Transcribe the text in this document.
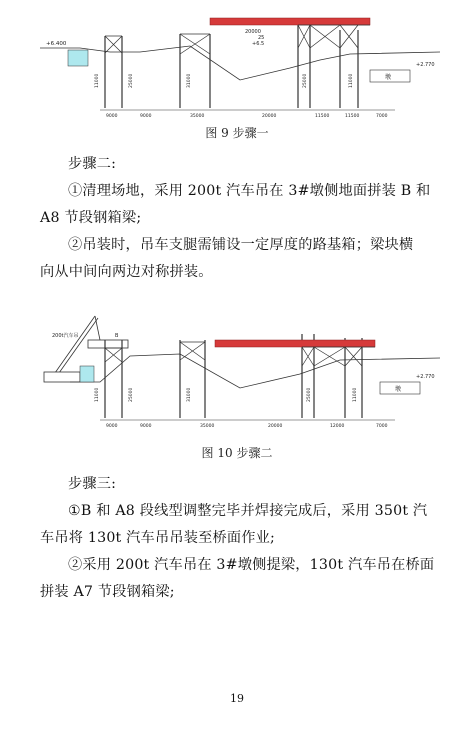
+6.400
20000
25
+6.5
墩
+2.770
11000	25000	31000	25000	11000
9000	9000	35000	20000	11500	11500	7000
图 9 步骤一
步骤二:
①清理场地，采用 200t 汽车吊在 3#墩侧地面拼装 B 和
A8 节段钢箱梁;
②吊装时，吊车支腿需铺设一定厚度的路基箱；梁块横
向从中间向两边对称拼装。
200t汽车吊	B
墩
+2.770
11000	25000	31000	25000	11000
9000	9000	35000	20000	12000	7000
图 10 步骤二
步骤三:
①B 和 A8 段线型调整完毕并焊接完成后，采用 350t 汽
车吊将 130t 汽车吊吊装至桥面作业;
②采用 200t 汽车吊在 3#墩侧提梁，130t 汽车吊在桥面
拼装 A7 节段钢箱梁;
19
